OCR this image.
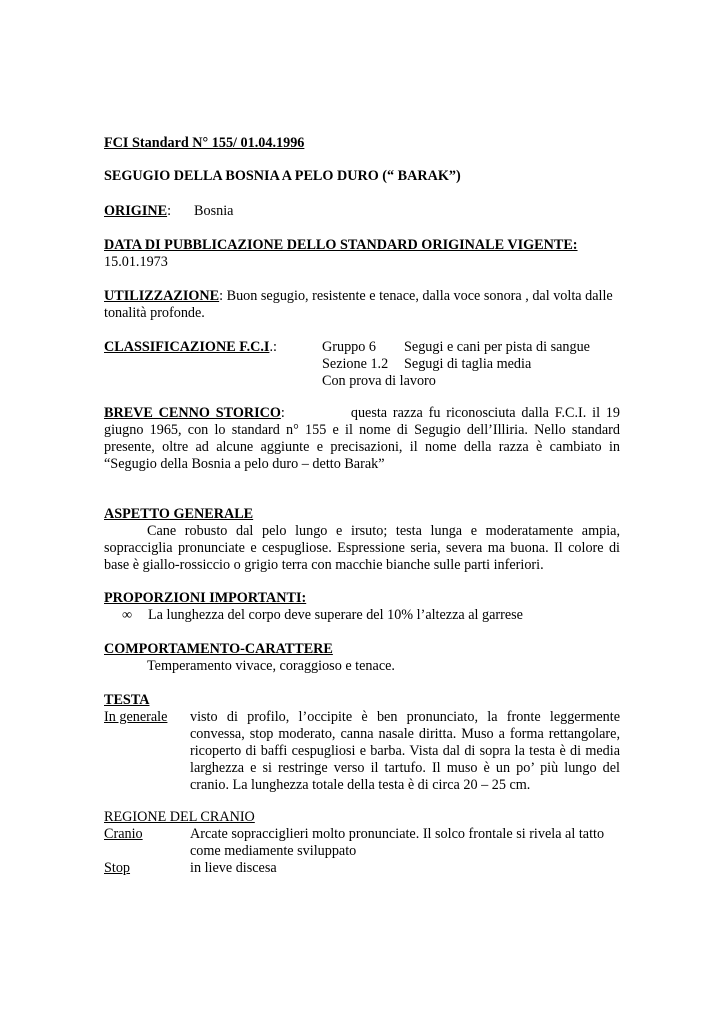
FCI Standard N° 155/ 01.04.1996
SEGUGIO DELLA BOSNIA A PELO DURO (“ BARAK”)
ORIGINE: Bosnia
DATA DI PUBBLICAZIONE DELLO STANDARD ORIGINALE VIGENTE:
15.01.1973
UTILIZZAZIONE: Buon segugio, resistente e tenace, dalla voce sonora , dal volta dalle tonalità profonde.
CLASSIFICAZIONE F.C.I.:	Gruppo 6 Segugi e cani per pista di sangue
Sezione 1.2 Segugi di taglia media
Con prova di lavoro
BREVE CENNO STORICO:	questa razza fu riconosciuta dalla F.C.I. il 19 giugno 1965, con lo standard n° 155 e il nome di Segugio dell’Illiria. Nello standard presente, oltre ad alcune aggiunte e precisazioni, il nome della razza è cambiato in “Segugio della Bosnia a pelo duro – detto Barak”
ASPETTO GENERALE
Cane robusto dal pelo lungo e irsuto; testa lunga e moderatamente ampia, sopracciglia pronunciate e cespugliose. Espressione seria, severa ma buona. Il colore di base è giallo-rossiccio o grigio terra con macchie bianche sulle parti inferiori.
PROPORZIONI IMPORTANTI:
∞	La lunghezza del corpo deve superare del 10% l’altezza al garrese
COMPORTAMENTO-CARATTERE
Temperamento vivace, coraggioso e tenace.
TESTA
In generale	visto di profilo, l’occipite è ben pronunciato, la fronte leggermente convessa, stop moderato, canna nasale diritta. Muso a forma rettangolare, ricoperto di baffi cespugliosi e barba. Vista dal di sopra la testa è di media larghezza e si restringe verso il tartufo. Il muso è un po’ più lungo del cranio. La lunghezza totale della testa è di circa 20 – 25 cm.
REGIONE DEL CRANIO
Cranio	Arcate sopracciglieri molto pronunciate. Il solco frontale si rivela al tatto come mediamente sviluppato
Stop	in lieve discesa
